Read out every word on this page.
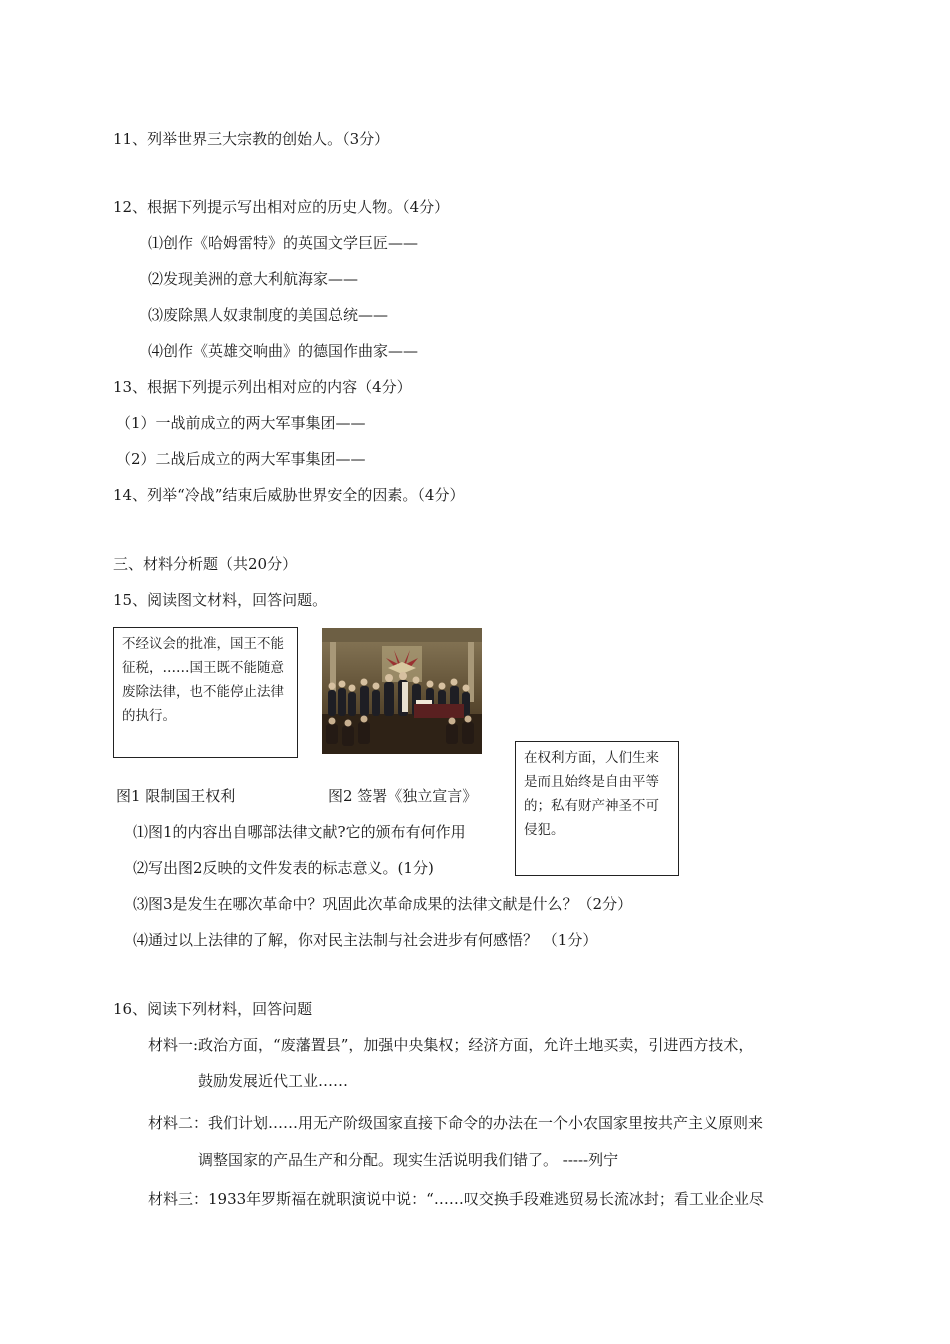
11、列举世界三大宗教的创始人。（3分）
12、根据下列提示写出相对应的历史人物。（4分）
⑴创作《哈姆雷特》的英国文学巨匠——
⑵发现美洲的意大利航海家——
⑶废除黑人奴隶制度的美国总统——
⑷创作《英雄交响曲》的德国作曲家——
13、根据下列提示列出相对应的内容（4分）
（1）一战前成立的两大军事集团——
（2）二战后成立的两大军事集团——
14、列举“冷战”结束后威胁世界安全的因素。（4分）
三、材料分析题（共20分）
15、阅读图文材料，回答问题。
不经议会的批准，国王不能征税，……国王既不能随意废除法律，也不能停止法律的执行。
在权利方面，人们生来是而且始终是自由平等的；私有财产神圣不可侵犯。
图1 限制国王权利	图2 签署《独立宣言》
⑴图1的内容出自哪部法律文献?它的颁布有何作用
⑵写出图2反映的文件发表的标志意义。(1分)
⑶图3是发生在哪次革命中？巩固此次革命成果的法律文献是什么？（2分）
⑷通过以上法律的了解，你对民主法制与社会进步有何感悟？ （1分）
16、阅读下列材料，回答问题
材料一:政治方面，“废藩置县”，加强中央集权；经济方面，允许土地买卖，引进西方技术，
鼓励发展近代工业……
材料二：我们计划……用无产阶级国家直接下命令的办法在一个小农国家里按共产主义原则来
调整国家的产品生产和分配。现实生活说明我们错了。 -----列宁
材料三：1933年罗斯福在就职演说中说：“……叹交换手段难逃贸易长流冰封；看工业企业尽
